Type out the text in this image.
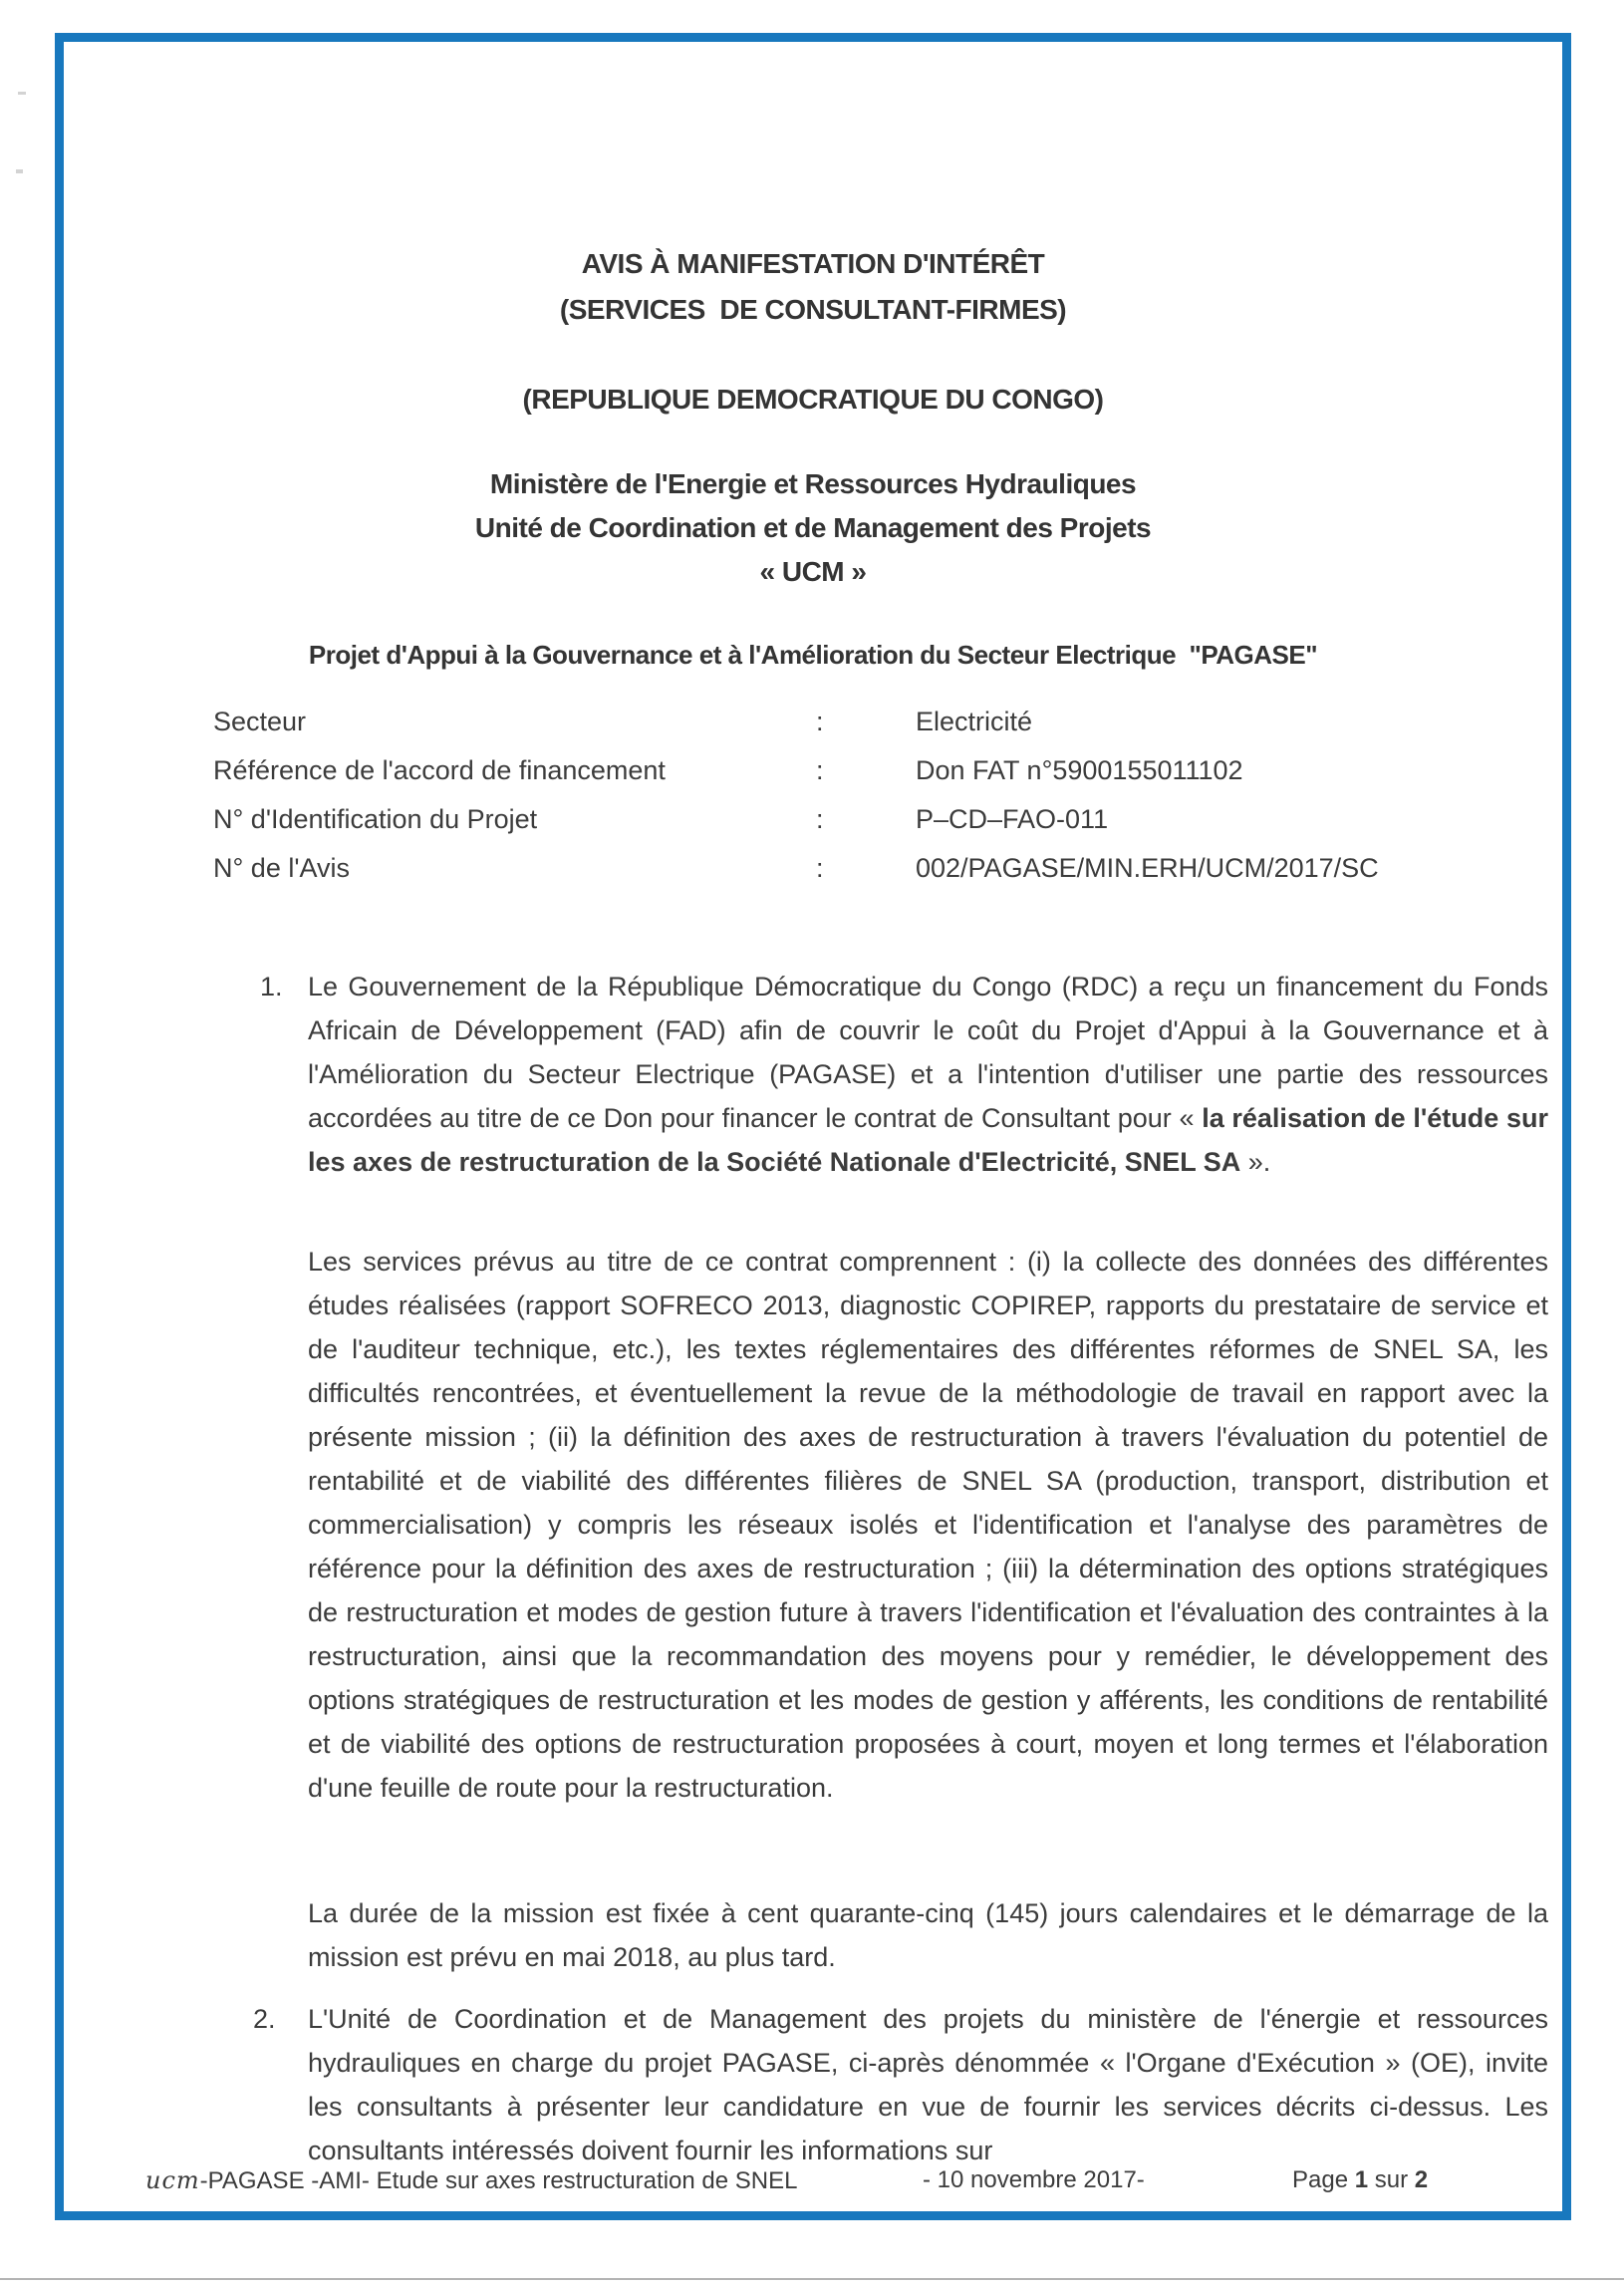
AVIS À MANIFESTATION D'INTÉRÊT
(SERVICES  DE CONSULTANT-FIRMES)
(REPUBLIQUE DEMOCRATIQUE DU CONGO)
Ministère de l'Energie et Ressources Hydrauliques
Unité de Coordination et de Management des Projets
« UCM »
Projet d'Appui à la Gouvernance et à l'Amélioration du Secteur Electrique  "PAGASE"
Secteur	:	Electricité
Référence de l'accord de financement	:	Don FAT n°5900155011102
N° d'Identification du Projet	:	P–CD–FAO-011
N° de l'Avis	:	002/PAGASE/MIN.ERH/UCM/2017/SC
1. Le Gouvernement de la République Démocratique du Congo (RDC) a reçu un financement du Fonds Africain de Développement (FAD) afin de couvrir le coût du Projet d'Appui à la Gouvernance et à l'Amélioration du Secteur Electrique (PAGASE) et a l'intention d'utiliser une partie des ressources accordées au titre de ce Don pour financer le contrat de Consultant pour « la réalisation de l'étude sur les axes de restructuration de la Société Nationale d'Electricité, SNEL SA ».
Les services prévus au titre de ce contrat comprennent : (i) la collecte des données des différentes études réalisées (rapport SOFRECO 2013, diagnostic COPIREP, rapports du prestataire de service et de l'auditeur technique, etc.), les textes réglementaires des différentes réformes de SNEL SA, les difficultés rencontrées, et éventuellement la revue de la méthodologie de travail en rapport avec la présente mission ; (ii) la définition des axes de restructuration à travers l'évaluation du potentiel de rentabilité et de viabilité des différentes filières de SNEL SA (production, transport, distribution et commercialisation) y compris les réseaux isolés et l'identification et l'analyse des paramètres de référence pour la définition des axes de restructuration ; (iii) la détermination des options stratégiques de restructuration et modes de gestion future à travers l'identification et l'évaluation des contraintes à la restructuration, ainsi que la recommandation des moyens pour y remédier, le développement des options stratégiques de restructuration et les modes de gestion y afférents, les conditions de rentabilité et de viabilité des options de restructuration proposées à court, moyen et long termes et l'élaboration d'une feuille de route pour la restructuration.
La durée de la mission est fixée à cent quarante-cinq (145) jours calendaires et le démarrage de la mission est prévu en mai 2018, au plus tard.
2. L'Unité de Coordination et de Management des projets du ministère de l'énergie et ressources hydrauliques en charge du projet PAGASE, ci-après dénommée « l'Organe d'Exécution » (OE), invite les consultants à présenter leur candidature en vue de fournir les services décrits ci-dessus. Les consultants intéressés doivent fournir les informations sur
ucm-PAGASE -AMI- Etude sur axes restructuration de SNEL	- 10 novembre 2017-	Page 1 sur 2
